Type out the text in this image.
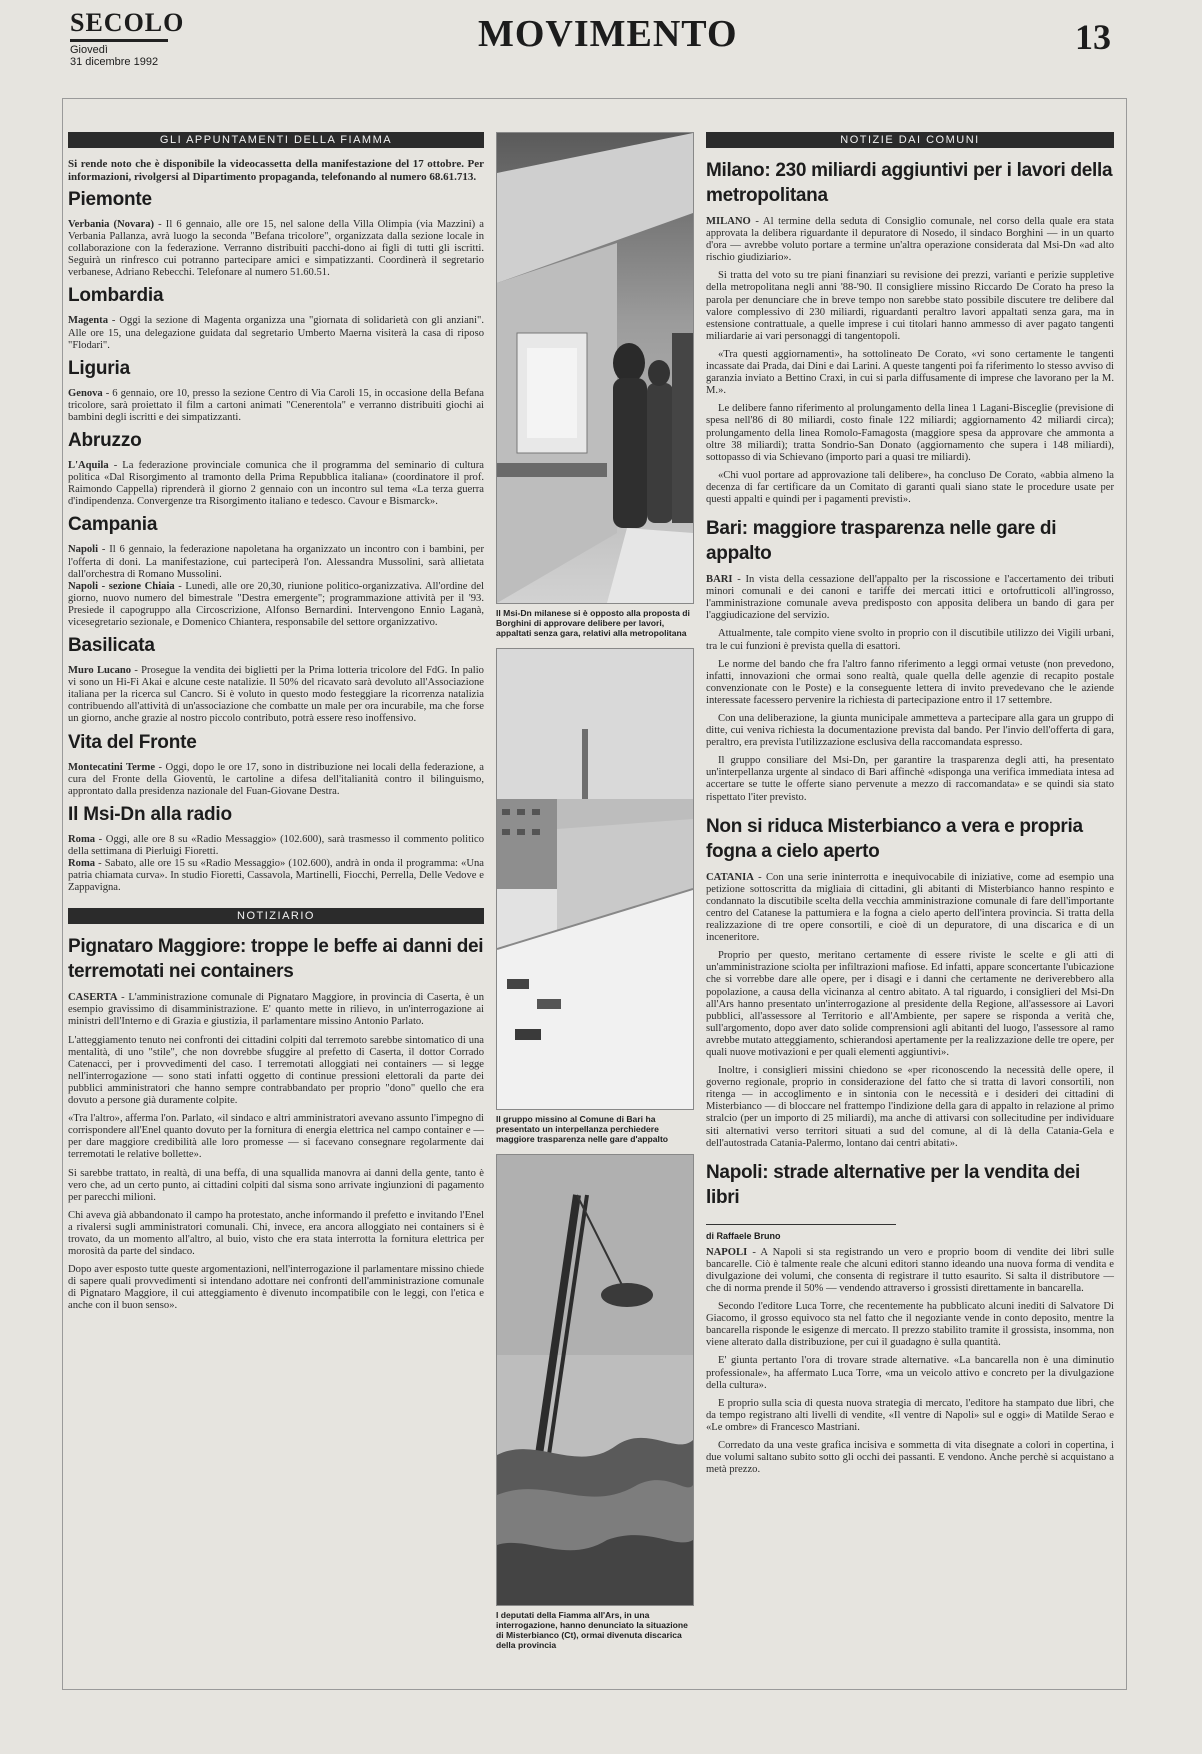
SECOLO
Giovedì
31 dicembre 1992
MOVIMENTO	13
GLI APPUNTAMENTI DELLA FIAMMA

Si rende noto che è disponibile la videocassetta della manifestazione del 17 ottobre. Per informazioni, rivolgersi al Dipartimento propaganda, telefonando al numero 68.61.713.

Piemonte

Verbania (Novara) - Il 6 gennaio, alle ore 15, nel salone della Villa Olimpia (via Mazzini) a Verbania Pallanza, avrà luogo la seconda "Befana tricolore", organizzata dalla sezione locale in collaborazione con la federazione. Verranno distribuiti pacchi-dono ai figli di tutti gli iscritti. Seguirà un rinfresco cui potranno partecipare amici e simpatizzanti. Coordinerà il segretario verbanese, Adriano Rebecchi. Telefonare al numero 51.60.51.

Lombardia

Magenta - Oggi la sezione di Magenta organizza una "giornata di solidarietà con gli anziani". Alle ore 15, una delegazione guidata dal segretario Umberto Maerna visiterà la casa di riposo "Flodari".

Liguria

Genova - 6 gennaio, ore 10, presso la sezione Centro di Via Caroli 15, in occasione della Befana tricolore, sarà proiettato il film a cartoni animati "Cenerentola" e verranno distribuiti giochi ai bambini degli iscritti e dei simpatizzanti.

Abruzzo

L'Aquila - La federazione provinciale comunica che il programma del seminario di cultura politica «Dal Risorgimento al tramonto della Prima Repubblica italiana» (coordinatore il prof. Raimondo Cappella) riprenderà il giorno 2 gennaio con un incontro sul tema «La terza guerra d'indipendenza. Convergenze tra Risorgimento italiano e tedesco. Cavour e Bismarck».

Campania

Napoli - Il 6 gennaio, la federazione napoletana ha organizzato un incontro con i bambini, per l'offerta di doni. La manifestazione, cui parteciperà l'on. Alessandra Mussolini, sarà allietata dall'orchestra di Romano Mussolini.
Napoli - sezione Chiaia - Lunedì, alle ore 20,30, riunione politico-organizzativa. All'ordine del giorno, nuovo numero del bimestrale "Destra emergente"; programmazione attività per il '93. Presiede il capogruppo alla Circoscrizione, Alfonso Bernardini. Intervengono Ennio Laganà, vicesegretario sezionale, e Domenico Chiantera, responsabile del settore organizzativo.

Basilicata

Muro Lucano - Prosegue la vendita dei biglietti per la Prima lotteria tricolore del FdG. In palio vi sono un Hi-Fi Akai e alcune ceste natalizie. Il 50% del ricavato sarà devoluto all'Associazione italiana per la ricerca sul Cancro. Si è voluto in questo modo festeggiare la ricorrenza natalizia contribuendo all'attività di un'associazione che combatte un male per ora incurabile, ma che forse un giorno, anche grazie al nostro piccolo contributo, potrà essere reso inoffensivo.

Vita del Fronte

Montecatini Terme - Oggi, dopo le ore 17, sono in distribuzione nei locali della federazione, a cura del Fronte della Gioventù, le cartoline a difesa dell'italianità contro il bilinguismo, approntato dalla presidenza nazionale del Fuan-Giovane Destra.

Il Msi-Dn alla radio

Roma - Oggi, alle ore 8 su «Radio Messaggio» (102.600), sarà trasmesso il commento politico della settimana di Pierluigi Fioretti.
Roma - Sabato, alle ore 15 su «Radio Messaggio» (102.600), andrà in onda il programma: «Una patria chiamata curva». In studio Fioretti, Cassavola, Martinelli, Fiocchi, Perrella, Delle Vedove e Zappavigna.

NOTIZIARIO
Pignataro Maggiore: troppe le beffe ai danni dei terremotati nei containers

CASERTA - L'amministrazione comunale di Pignataro Maggiore, in provincia di Caserta, è un esempio gravissimo di disamministrazione. E' quanto mette in rilievo, in un'interrogazione ai ministri dell'Interno e di Grazia e giustizia, il parlamentare missino Antonio Parlato.

L'atteggiamento tenuto nei confronti dei cittadini colpiti dal terremoto sarebbe sintomatico di una mentalità, di uno "stile", che non dovrebbe sfuggire al prefetto di Caserta, il dottor Corrado Catenacci, per i provvedimenti del caso. I terremotati alloggiati nei containers — si legge nell'interrogazione — sono stati infatti oggetto di continue pressioni elettorali da parte dei pubblici amministratori che hanno sempre contrabbandato per proprio "dono" quello che era dovuto a persone già duramente colpite.

«Tra l'altro», afferma l'on. Parlato, «il sindaco e altri amministratori avevano assunto l'impegno di corrispondere all'Enel quanto dovuto per la fornitura di energia elettrica nel campo container e — per dare maggiore credibilità alle loro promesse — si facevano consegnare regolarmente dai terremotati le relative bollette».

Si sarebbe trattato, in realtà, di una beffa, di una squallida manovra ai danni della gente, tanto è vero che, ad un certo punto, ai cittadini colpiti dal sisma sono arrivate ingiunzioni di pagamento per parecchi milioni.

Chi aveva già abbandonato il campo ha protestato, anche informando il prefetto e invitando l'Enel a rivalersi sugli amministratori comunali. Chi, invece, era ancora alloggiato nei containers si è trovato, da un momento all'altro, al buio, visto che era stata interrotta la fornitura elettrica per morosità da parte del sindaco.

Dopo aver esposto tutte queste argomentazioni, nell'interrogazione il parlamentare missino chiede di sapere quali provvedimenti si intendano adottare nei confronti dell'amministrazione comunale di Pignataro Maggiore, il cui atteggiamento è divenuto incompatibile con le leggi, con l'etica e anche con il buon senso».

Il Msi-Dn milanese si è opposto alla proposta di Borghini di approvare delibere per lavori, appaltati senza gara, relativi alla metropolitana
Il gruppo missino al Comune di Bari ha presentato un interpellanza perchiedere maggiore trasparenza nelle gare d'appalto
I deputati della Fiamma all'Ars, in una interrogazione, hanno denunciato la situazione di Misterbianco (Ct), ormai divenuta discarica della provincia
NOTIZIE DAI COMUNI
Milano: 230 miliardi aggiuntivi per i lavori della metropolitana

MILANO - Al termine della seduta di Consiglio comunale, nel corso della quale era stata approvata la delibera riguardante il depuratore di Nosedo, il sindaco Borghini — in un quarto d'ora — avrebbe voluto portare a termine un'altra operazione considerata dal Msi-Dn «ad alto rischio giudiziario».

Si tratta del voto su tre piani finanziari su revisione dei prezzi, varianti e perizie suppletive della metropolitana negli anni '88-'90. Il consigliere missino Riccardo De Corato ha preso la parola per denunciare che in breve tempo non sarebbe stato possibile discutere tre delibere dal valore complessivo di 230 miliardi, riguardanti peraltro lavori appaltati senza gara, ma in estensione contrattuale, a quelle imprese i cui titolari hanno ammesso di aver pagato tangenti miliardarie ai vari personaggi di tangentopoli.

«Tra questi aggiornamenti», ha sottolineato De Corato, «vi sono certamente le tangenti incassate dai Prada, dai Dini e dai Larini. A queste tangenti poi fa riferimento lo stesso avviso di garanzia inviato a Bettino Craxi, in cui si parla diffusamente di imprese che lavorano per la M. M.».

Le delibere fanno riferimento al prolungamento della linea 1 Lagani-Bisceglie (previsione di spesa nell'86 di 80 miliardi, costo finale 122 miliardi; aggiornamento 42 miliardi circa); prolungamento della linea Romolo-Famagosta (maggiore spesa da approvare che ammonta a oltre 38 miliardi); tratta Sondrio-San Donato (aggiornamento che supera i 148 miliardi), sottopasso di via Schievano (importo pari a quasi tre miliardi).

«Chi vuol portare ad approvazione tali delibere», ha concluso De Corato, «abbia almeno la decenza di far certificare da un Comitato di garanti quali siano state le procedure usate per questi appalti e quindi per i pagamenti previsti».

Bari: maggiore trasparenza nelle gare di appalto

BARI - In vista della cessazione dell'appalto per la riscossione e l'accertamento dei tributi minori comunali e dei canoni e tariffe dei mercati ittici e ortofrutticoli all'ingrosso, l'amministrazione comunale aveva predisposto con apposita delibera un bando di gara per l'aggiudicazione del servizio.

Attualmente, tale compito viene svolto in proprio con il discutibile utilizzo dei Vigili urbani, tra le cui funzioni è prevista quella di esattori.

Le norme del bando che fra l'altro fanno riferimento a leggi ormai vetuste (non prevedono, infatti, innovazioni che ormai sono realtà, quale quella delle agenzie di recapito postale convenzionate con le Poste) e la conseguente lettera di invito prevedevano che le aziende interessate facessero pervenire la richiesta di partecipazione entro il 17 settembre.

Con una deliberazione, la giunta municipale ammetteva a partecipare alla gara un gruppo di ditte, cui veniva richiesta la documentazione prevista dal bando. Per l'invio dell'offerta di gara, peraltro, era prevista l'utilizzazione esclusiva della raccomandata espresso.

Il gruppo consiliare del Msi-Dn, per garantire la trasparenza degli atti, ha presentato un'interpellanza urgente al sindaco di Bari affinchè «disponga una verifica immediata intesa ad accertare se tutte le offerte siano pervenute a mezzo di raccomandata» e se quindi sia stato rispettato l'iter previsto.

Non si riduca Misterbianco a vera e propria fogna a cielo aperto

CATANIA - Con una serie ininterrotta e inequivocabile di iniziative, come ad esempio una petizione sottoscritta da migliaia di cittadini, gli abitanti di Misterbianco hanno respinto e condannato la discutibile scelta della vecchia amministrazione comunale di fare dell'importante centro del Catanese la pattumiera e la fogna a cielo aperto dell'intera provincia. Si tratta della realizzazione di tre opere consortili, e cioè di un depuratore, di una discarica e di un inceneritore.

Proprio per questo, meritano certamente di essere riviste le scelte e gli atti di un'amministrazione sciolta per infiltrazioni mafiose. Ed infatti, appare sconcertante l'ubicazione che si vorrebbe dare alle opere, per i disagi e i danni che certamente ne deriverebbero alla popolazione, a causa della vicinanza al centro abitato. A tal riguardo, i consiglieri del Msi-Dn all'Ars hanno presentato un'interrogazione al presidente della Regione, all'assessore ai Lavori pubblici, all'assessore al Territorio e all'Ambiente, per sapere se risponda a verità che, sull'argomento, dopo aver dato solide comprensioni agli abitanti del luogo, l'assessore al ramo avrebbe mutato atteggiamento, schierandosi apertamente per la realizzazione delle tre opere, per quali nuove motivazioni e per quali elementi aggiuntivi».

Inoltre, i consiglieri missini chiedono se «per riconoscendo la necessità delle opere, il governo regionale, proprio in considerazione del fatto che si tratta di lavori consortili, non ritenga — in accoglimento e in sintonia con le necessità e i desideri dei cittadini di Misterbianco — di bloccare nel frattempo l'indizione della gara di appalto in relazione al primo stralcio (per un importo di 25 miliardi), ma anche di attivarsi con sollecitudine per individuare siti alternativi verso territori situati a sud del comune, al di là della Catania-Gela e dell'autostrada Catania-Palermo, lontano dai centri abitati».

Napoli: strade alternative per la vendita dei libri
di Raffaele Bruno

NAPOLI - A Napoli si sta registrando un vero e proprio boom di vendite dei libri sulle bancarelle. Ciò è talmente reale che alcuni editori stanno ideando una nuova forma di vendita e divulgazione dei volumi, che consenta di registrare il tutto esaurito. Si salta il distributore — che di norma prende il 50% — vendendo attraverso i grossisti direttamente in bancarella.

Secondo l'editore Luca Torre, che recentemente ha pubblicato alcuni inediti di Salvatore Di Giacomo, il grosso equivoco sta nel fatto che il negoziante vende in conto deposito, mentre la bancarella risponde le esigenze di mercato. Il prezzo stabilito tramite il grossista, insomma, non viene alterato dalla distribuzione, per cui il guadagno è sulla quantità.

E' giunta pertanto l'ora di trovare strade alternative. «La bancarella non è una diminutio professionale», ha affermato Luca Torre, «ma un veicolo attivo e concreto per la divulgazione della cultura».

E proprio sulla scia di questa nuova strategia di mercato, l'editore ha stampato due libri, che da tempo registrano alti livelli di vendite, «Il ventre di Napoli» sul e oggi» di Matilde Serao e «Le ombre» di Francesco Mastriani.

Corredato da una veste grafica incisiva e sommetta di vita disegnate a colori in copertina, i due volumi saltano subito sotto gli occhi dei passanti. E vendono. Anche perchè si acquistano a metà prezzo.
